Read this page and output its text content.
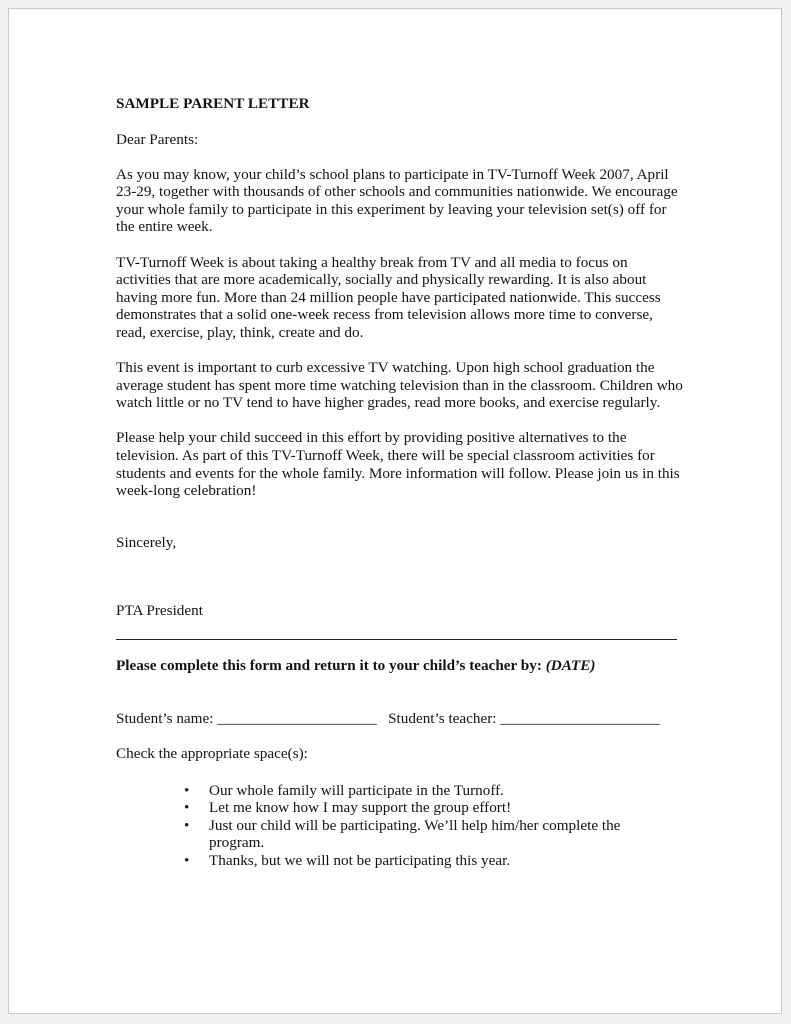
SAMPLE PARENT LETTER

Dear Parents:

As you may know, your child’s school plans to participate in TV-Turnoff Week 2007, April 23-29, together with thousands of other schools and communities nationwide. We encourage your whole family to participate in this experiment by leaving your television set(s) off for the entire week.

TV-Turnoff Week is about taking a healthy break from TV and all media to focus on activities that are more academically, socially and physically rewarding. It is also about having more fun. More than 24 million people have participated nationwide. This success demonstrates that a solid one-week recess from television allows more time to converse, read, exercise, play, think, create and do.

This event is important to curb excessive TV watching. Upon high school graduation the average student has spent more time watching television than in the classroom. Children who watch little or no TV tend to have higher grades, read more books, and exercise regularly.

Please help your child succeed in this effort by providing positive alternatives to the television. As part of this TV-Turnoff Week, there will be special classroom activities for students and events for the whole family. More information will follow. Please join us in this week-long celebration!

Sincerely,

PTA President

Please complete this form and return it to your child’s teacher by: (DATE)

Student’s name: _____________________ Student’s teacher: _____________________

Check the appropriate space(s):

• Our whole family will participate in the Turnoff.
• Let me know how I may support the group effort!
• Just our child will be participating. We’ll help him/her complete the program.
• Thanks, but we will not be participating this year.
